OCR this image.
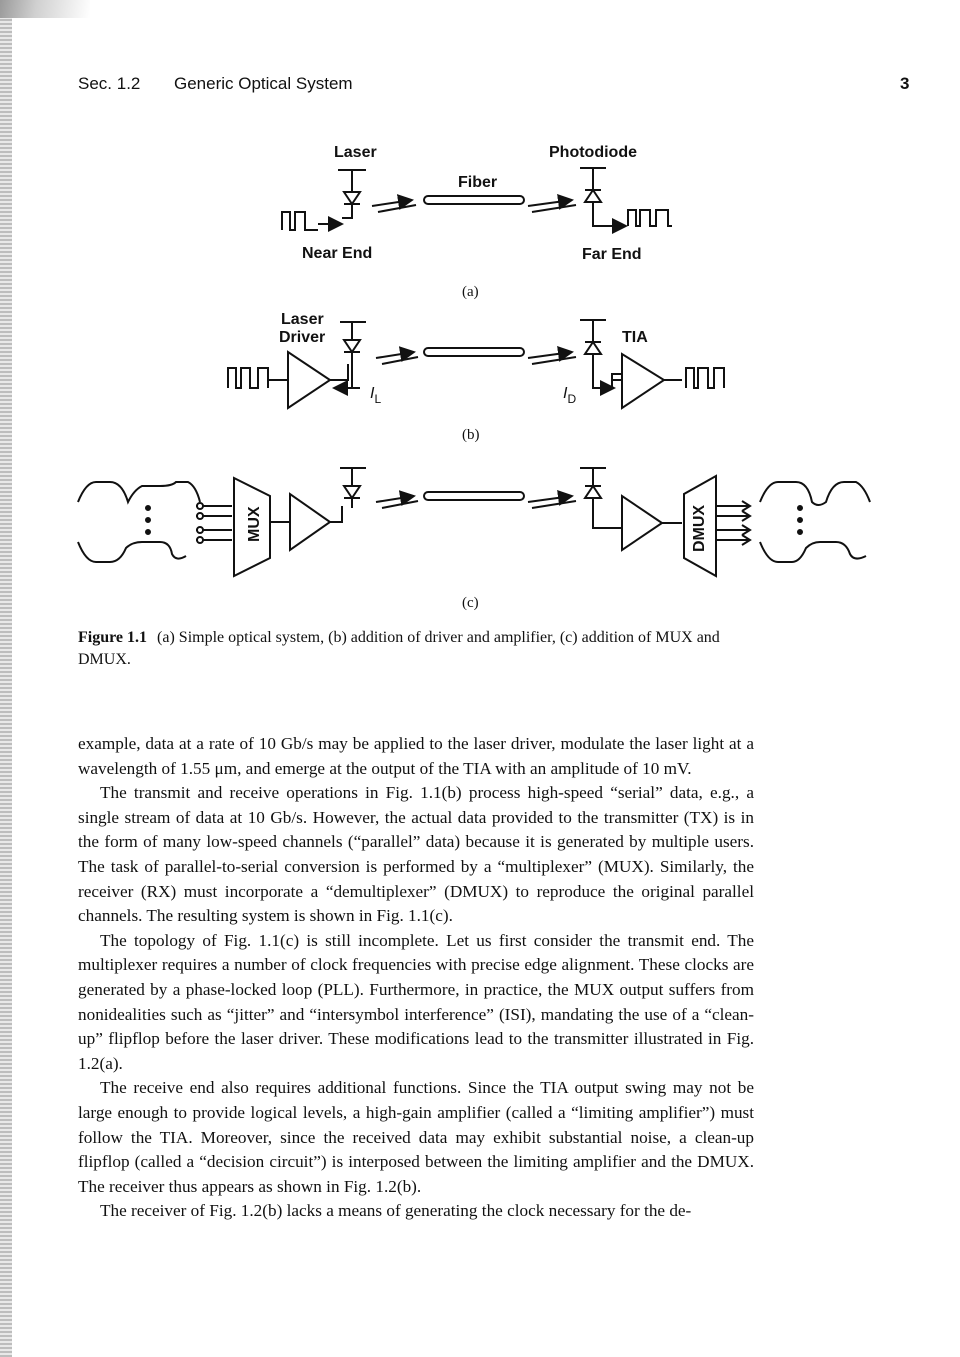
Sec. 1.2 Generic Optical System	3
Laser	Photodiode
Fiber
Near End	Far End
(a)
Laser
Driver	TIA
$I_L$	$I_D$
(b)
MUX	DMUX
(c)
Figure 1.1 (a) Simple optical system, (b) addition of driver and amplifier, (c) addition of MUX and DMUX.

example, data at a rate of 10 Gb/s may be applied to the laser driver, modulate the laser light at a wavelength of 1.55 μm, and emerge at the output of the TIA with an amplitude of 10 mV.

The transmit and receive operations in Fig. 1.1(b) process high-speed “serial” data, e.g., a single stream of data at 10 Gb/s. However, the actual data provided to the transmitter (TX) is in the form of many low-speed channels (“parallel” data) because it is generated by multiple users. The task of parallel-to-serial conversion is performed by a “multiplexer” (MUX). Similarly, the receiver (RX) must incorporate a “demultiplexer” (DMUX) to reproduce the original parallel channels. The resulting system is shown in Fig. 1.1(c).

The topology of Fig. 1.1(c) is still incomplete. Let us first consider the transmit end. The multiplexer requires a number of clock frequencies with precise edge alignment. These clocks are generated by a phase-locked loop (PLL). Furthermore, in practice, the MUX output suffers from nonidealities such as “jitter” and “intersymbol interference” (ISI), mandating the use of a “clean-up” flipflop before the laser driver. These modifications lead to the transmitter illustrated in Fig. 1.2(a).

The receive end also requires additional functions. Since the TIA output swing may not be large enough to provide logical levels, a high-gain amplifier (called a “limiting amplifier”) must follow the TIA. Moreover, since the received data may exhibit substantial noise, a clean-up flipflop (called a “decision circuit”) is interposed between the limiting amplifier and the DMUX. The receiver thus appears as shown in Fig. 1.2(b).

The receiver of Fig. 1.2(b) lacks a means of generating the clock necessary for the de-
